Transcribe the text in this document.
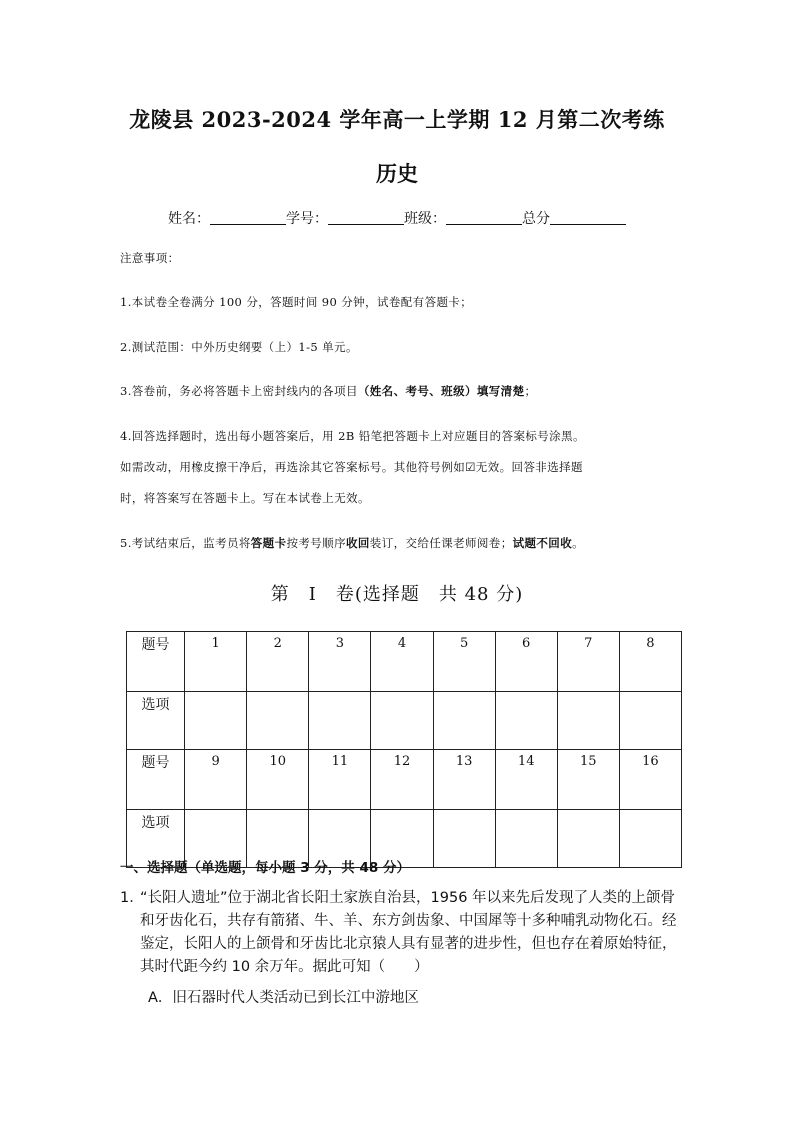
龙陵县 2023-2024 学年高一上学期 12 月第二次考练
历史
姓名：	学号：	班级：	总分
注意事项：
1.本试卷全卷满分 100 分，答题时间 90 分钟，试卷配有答题卡；
2.测试范围：中外历史纲要（上）1-5 单元。
3.答卷前，务必将答题卡上密封线内的各项目（姓名、考号、班级）填写清楚；
4.回答选择题时，选出每小题答案后，用 2B 铅笔把答题卡上对应题目的答案标号涂黑。
如需改动，用橡皮擦干净后，再选涂其它答案标号。其他符号例如☑无效。回答非选择题
时，将答案写在答题卡上。写在本试卷上无效。
5.考试结束后，监考员将答题卡按考号顺序收回装订，交给任课老师阅卷；试题不回收。
第　Ⅰ　卷(选择题　共 48 分)
题号	1	2	3	4	5	6	7	8
选项								
题号	9	10	11	12	13	14	15	16
选项								
一、选择题（单选题，每小题 3 分，共 48 分）
1．
“长阳人遗址”位于湖北省长阳土家族自治县，1956 年以来先后发现了人类的上颌骨和牙齿化石，共存有箭猪、牛、羊、东方剑齿象、中国犀等十多种哺乳动物化石。经鉴定，长阳人的上颌骨和牙齿比北京猿人具有显著的进步性，但也存在着原始特征，其时代距今约 10 余万年。据此可知（　　）
A．旧石器时代人类活动已到长江中游地区
